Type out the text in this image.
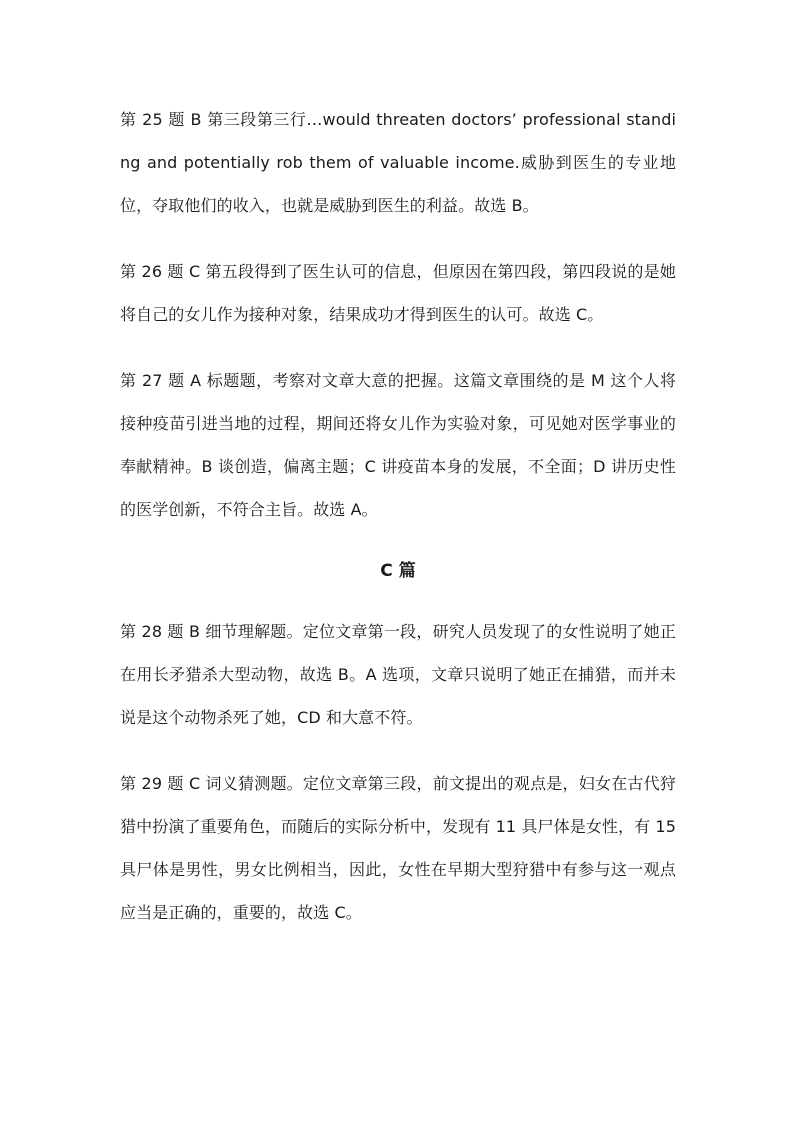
第 25 题 B 第三段第三行…would threaten doctors’ professional standing and potentially rob them of valuable income.威胁到医生的专业地位，夺取他们的收入，也就是威胁到医生的利益。故选 B。

第 26 题 C 第五段得到了医生认可的信息，但原因在第四段，第四段说的是她将自己的女儿作为接种对象，结果成功才得到医生的认可。故选 C。

第 27 题 A 标题题，考察对文章大意的把握。这篇文章围绕的是 M 这个人将接种疫苗引进当地的过程，期间还将女儿作为实验对象，可见她对医学事业的奉献精神。B 谈创造，偏离主题；C 讲疫苗本身的发展，不全面；D 讲历史性的医学创新，不符合主旨。故选 A。

C 篇

第 28 题 B 细节理解题。定位文章第一段，研究人员发现了的女性说明了她正在用长矛猎杀大型动物，故选 B。A 选项，文章只说明了她正在捕猎，而并未说是这个动物杀死了她，CD 和大意不符。

第 29 题 C 词义猜测题。定位文章第三段，前文提出的观点是，妇女在古代狩猎中扮演了重要角色，而随后的实际分析中，发现有 11 具尸体是女性，有 15 具尸体是男性，男女比例相当，因此，女性在早期大型狩猎中有参与这一观点应当是正确的，重要的，故选 C。
